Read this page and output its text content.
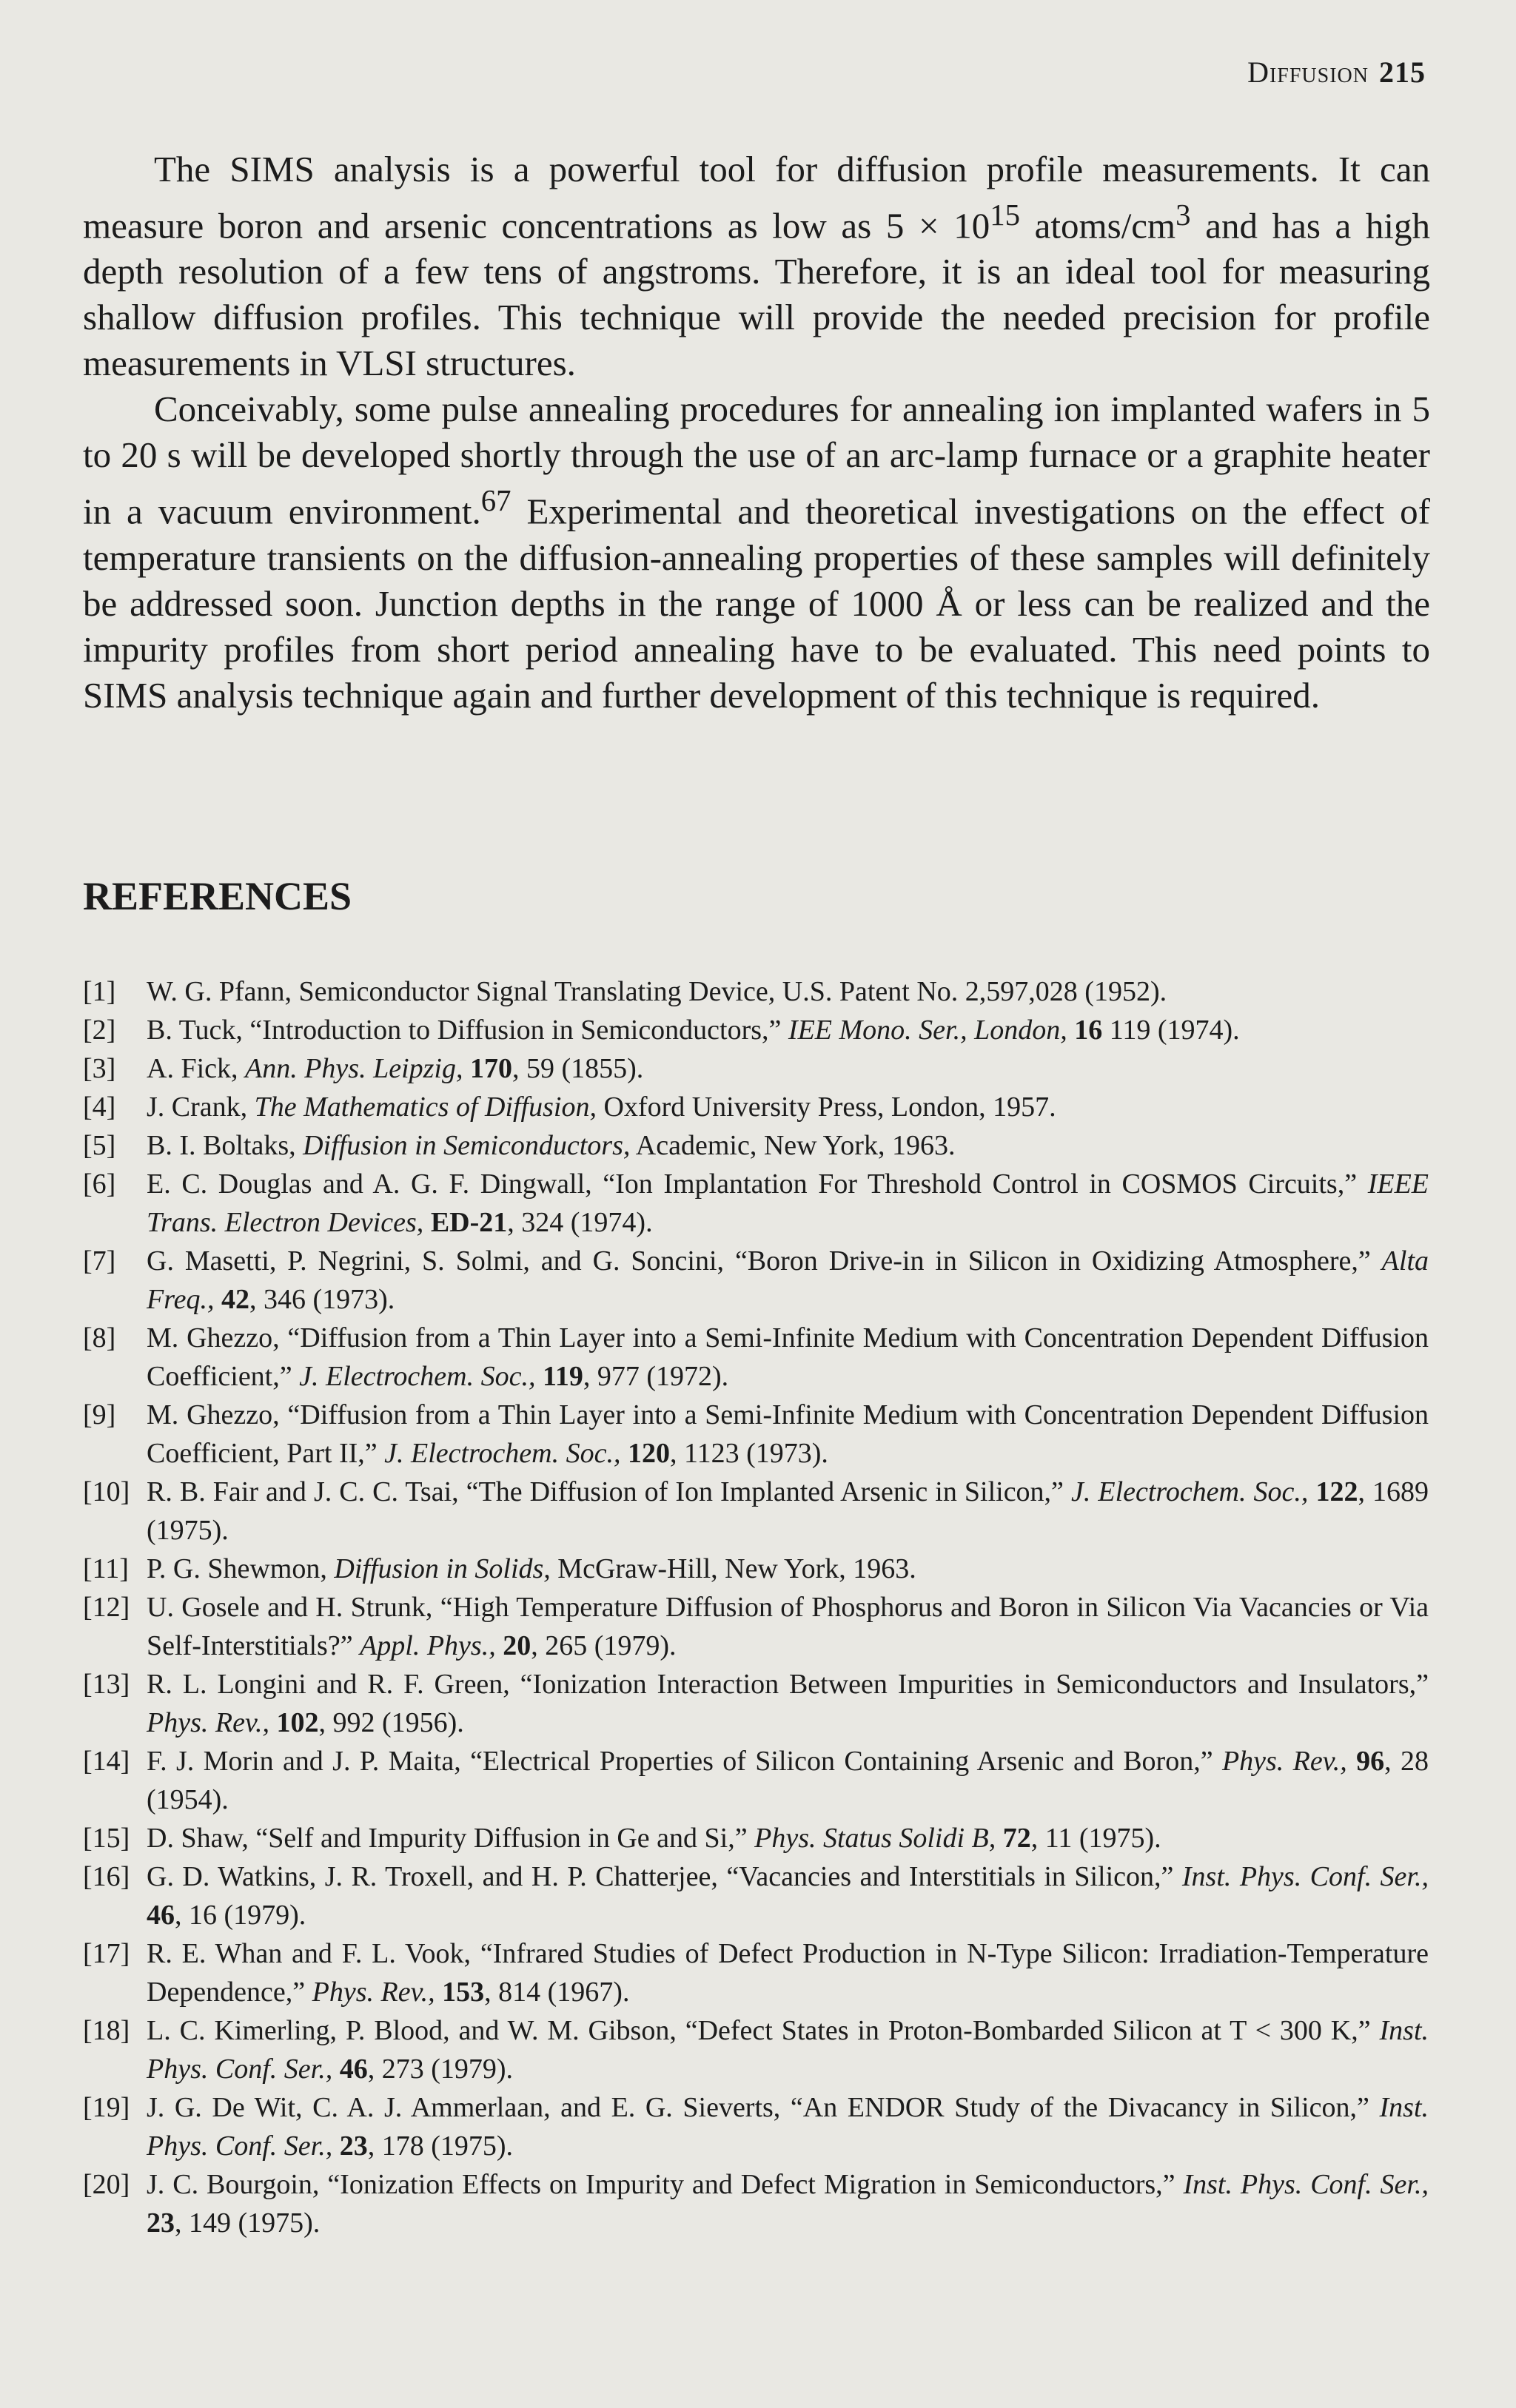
Diffusion 215

The SIMS analysis is a powerful tool for diffusion profile measurements. It can measure boron and arsenic concentrations as low as $5 \times 10^{15}$ atoms/$cm^3$ and has a high depth resolution of a few tens of angstroms. Therefore, it is an ideal tool for measuring shallow diffusion profiles. This technique will provide the needed precision for profile measurements in VLSI structures.

Conceivably, some pulse annealing procedures for annealing ion implanted wafers in 5 to 20 s will be developed shortly through the use of an arc-lamp furnace or a graphite heater in a vacuum environment.$^{67}$ Experimental and theoretical investigations on the effect of temperature transients on the diffusion-annealing properties of these samples will definitely be addressed soon. Junction depths in the range of 1000 Å or less can be realized and the impurity profiles from short period annealing have to be evaluated. This need points to SIMS analysis technique again and further development of this technique is required.

REFERENCES
[1]	W. G. Pfann, Semiconductor Signal Translating Device, U.S. Patent No. 2,597,028 (1952).
[2]	B. Tuck, “Introduction to Diffusion in Semiconductors,” IEE Mono. Ser., London, 16 119 (1974).
[3]	A. Fick, Ann. Phys. Leipzig, 170, 59 (1855).
[4]	J. Crank, The Mathematics of Diffusion, Oxford University Press, London, 1957.
[5]	B. I. Boltaks, Diffusion in Semiconductors, Academic, New York, 1963.
[6]	E. C. Douglas and A. G. F. Dingwall, “Ion Implantation For Threshold Control in COSMOS Circuits,” IEEE Trans. Electron Devices, ED-21, 324 (1974).
[7]	G. Masetti, P. Negrini, S. Solmi, and G. Soncini, “Boron Drive-in in Silicon in Oxidizing Atmosphere,” Alta Freq., 42, 346 (1973).
[8]	M. Ghezzo, “Diffusion from a Thin Layer into a Semi-Infinite Medium with Concentration Dependent Diffusion Coefficient,” J. Electrochem. Soc., 119, 977 (1972).
[9]	M. Ghezzo, “Diffusion from a Thin Layer into a Semi-Infinite Medium with Concentration Dependent Diffusion Coefficient, Part II,” J. Electrochem. Soc., 120, 1123 (1973).
[10] R. B. Fair and J. C. C. Tsai, “The Diffusion of Ion Implanted Arsenic in Silicon,” J. Electrochem. Soc., 122, 1689 (1975).
[11] P. G. Shewmon, Diffusion in Solids, McGraw-Hill, New York, 1963.
[12] U. Gosele and H. Strunk, “High Temperature Diffusion of Phosphorus and Boron in Silicon Via Vacancies or Via Self-Interstitials?” Appl. Phys., 20, 265 (1979).
[13] R. L. Longini and R. F. Green, “Ionization Interaction Between Impurities in Semiconductors and Insulators,” Phys. Rev., 102, 992 (1956).
[14] F. J. Morin and J. P. Maita, “Electrical Properties of Silicon Containing Arsenic and Boron,” Phys. Rev., 96, 28 (1954).
[15] D. Shaw, “Self and Impurity Diffusion in Ge and Si,” Phys. Status Solidi B, 72, 11 (1975).
[16] G. D. Watkins, J. R. Troxell, and H. P. Chatterjee, “Vacancies and Interstitials in Silicon,” Inst. Phys. Conf. Ser., 46, 16 (1979).
[17] R. E. Whan and F. L. Vook, “Infrared Studies of Defect Production in N-Type Silicon: Irradiation-Temperature Dependence,” Phys. Rev., 153, 814 (1967).
[18] L. C. Kimerling, P. Blood, and W. M. Gibson, “Defect States in Proton-Bombarded Silicon at T < 300 K,” Inst. Phys. Conf. Ser., 46, 273 (1979).
[19] J. G. De Wit, C. A. J. Ammerlaan, and E. G. Sieverts, “An ENDOR Study of the Divacancy in Silicon,” Inst. Phys. Conf. Ser., 23, 178 (1975).
[20] J. C. Bourgoin, “Ionization Effects on Impurity and Defect Migration in Semiconductors,” Inst. Phys. Conf. Ser., 23, 149 (1975).
